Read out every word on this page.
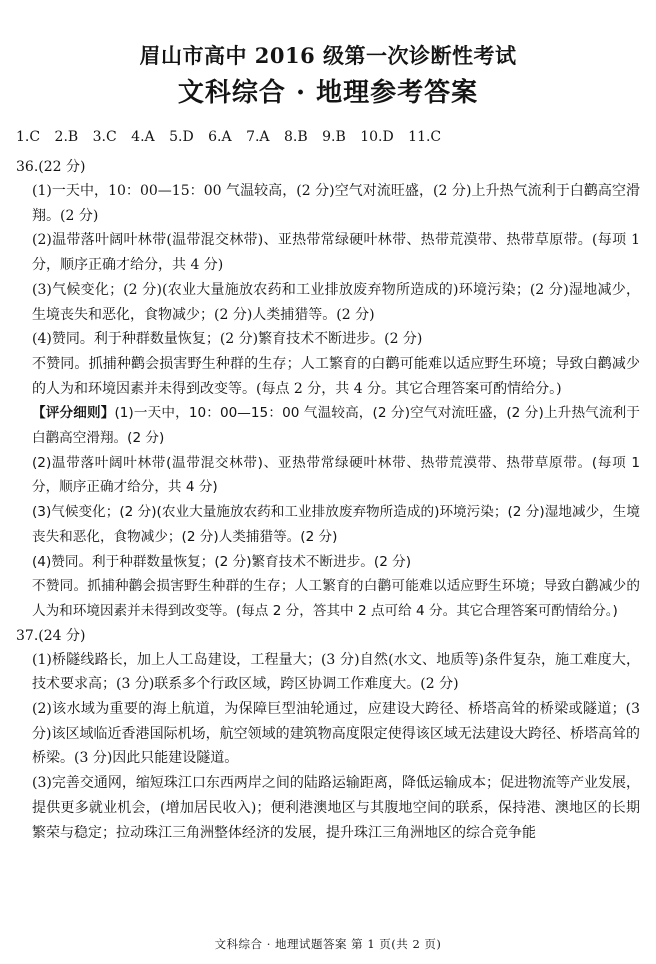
眉山市高中 2016 级第一次诊断性考试
文科综合 · 地理参考答案
1.C 2.B 3.C 4.A 5.D 6.A 7.A 8.B 9.B 10.D 11.C
36.(22 分)

(1)一天中，10：00—15：00 气温较高，(2 分)空气对流旺盛，(2 分)上升热气流利于白鹳高空滑翔。(2 分)

(2)温带落叶阔叶林带(温带混交林带)、亚热带常绿硬叶林带、热带荒漠带、热带草原带。(每项 1 分，顺序正确才给分，共 4 分)

(3)气候变化；(2 分)(农业大量施放农药和工业排放废弃物所造成的)环境污染；(2 分)湿地减少，生境丧失和恶化，食物减少；(2 分)人类捕猎等。(2 分)

(4)赞同。利于种群数量恢复；(2 分)繁育技术不断进步。(2 分)

不赞同。抓捕种鹳会损害野生种群的生存；人工繁育的白鹳可能难以适应野生环境；导致白鹳减少的人为和环境因素并未得到改变等。(每点 2 分，共 4 分。其它合理答案可酌情给分。)

【评分细则】(1)一天中，10：00—15：00 气温较高，(2 分)空气对流旺盛，(2 分)上升热气流利于白鹳高空滑翔。(2 分)

(2)温带落叶阔叶林带(温带混交林带)、亚热带常绿硬叶林带、热带荒漠带、热带草原带。(每项 1 分，顺序正确才给分，共 4 分)

(3)气候变化；(2 分)(农业大量施放农药和工业排放废弃物所造成的)环境污染；(2 分)湿地减少，生境丧失和恶化，食物减少；(2 分)人类捕猎等。(2 分)

(4)赞同。利于种群数量恢复；(2 分)繁育技术不断进步。(2 分)

不赞同。抓捕种鹳会损害野生种群的生存；人工繁育的白鹳可能难以适应野生环境；导致白鹳减少的人为和环境因素并未得到改变等。(每点 2 分，答其中 2 点可给 4 分。其它合理答案可酌情给分。)

37.(24 分)

(1)桥隧线路长，加上人工岛建设，工程量大；(3 分)自然(水文、地质等)条件复杂，施工难度大，技术要求高；(3 分)联系多个行政区域，跨区协调工作难度大。(2 分)

(2)该水域为重要的海上航道，为保障巨型油轮通过，应建设大跨径、桥塔高耸的桥梁或隧道；(3 分)该区域临近香港国际机场，航空领域的建筑物高度限定使得该区域无法建设大跨径、桥塔高耸的桥梁。(3 分)因此只能建设隧道。

(3)完善交通网，缩短珠江口东西两岸之间的陆路运输距离，降低运输成本；促进物流等产业发展，提供更多就业机会，(增加居民收入)；便利港澳地区与其腹地空间的联系，保持港、澳地区的长期繁荣与稳定；拉动珠江三角洲整体经济的发展，提升珠江三角洲地区的综合竞争能

文科综合 · 地理试题答案 第 1 页(共 2 页)
